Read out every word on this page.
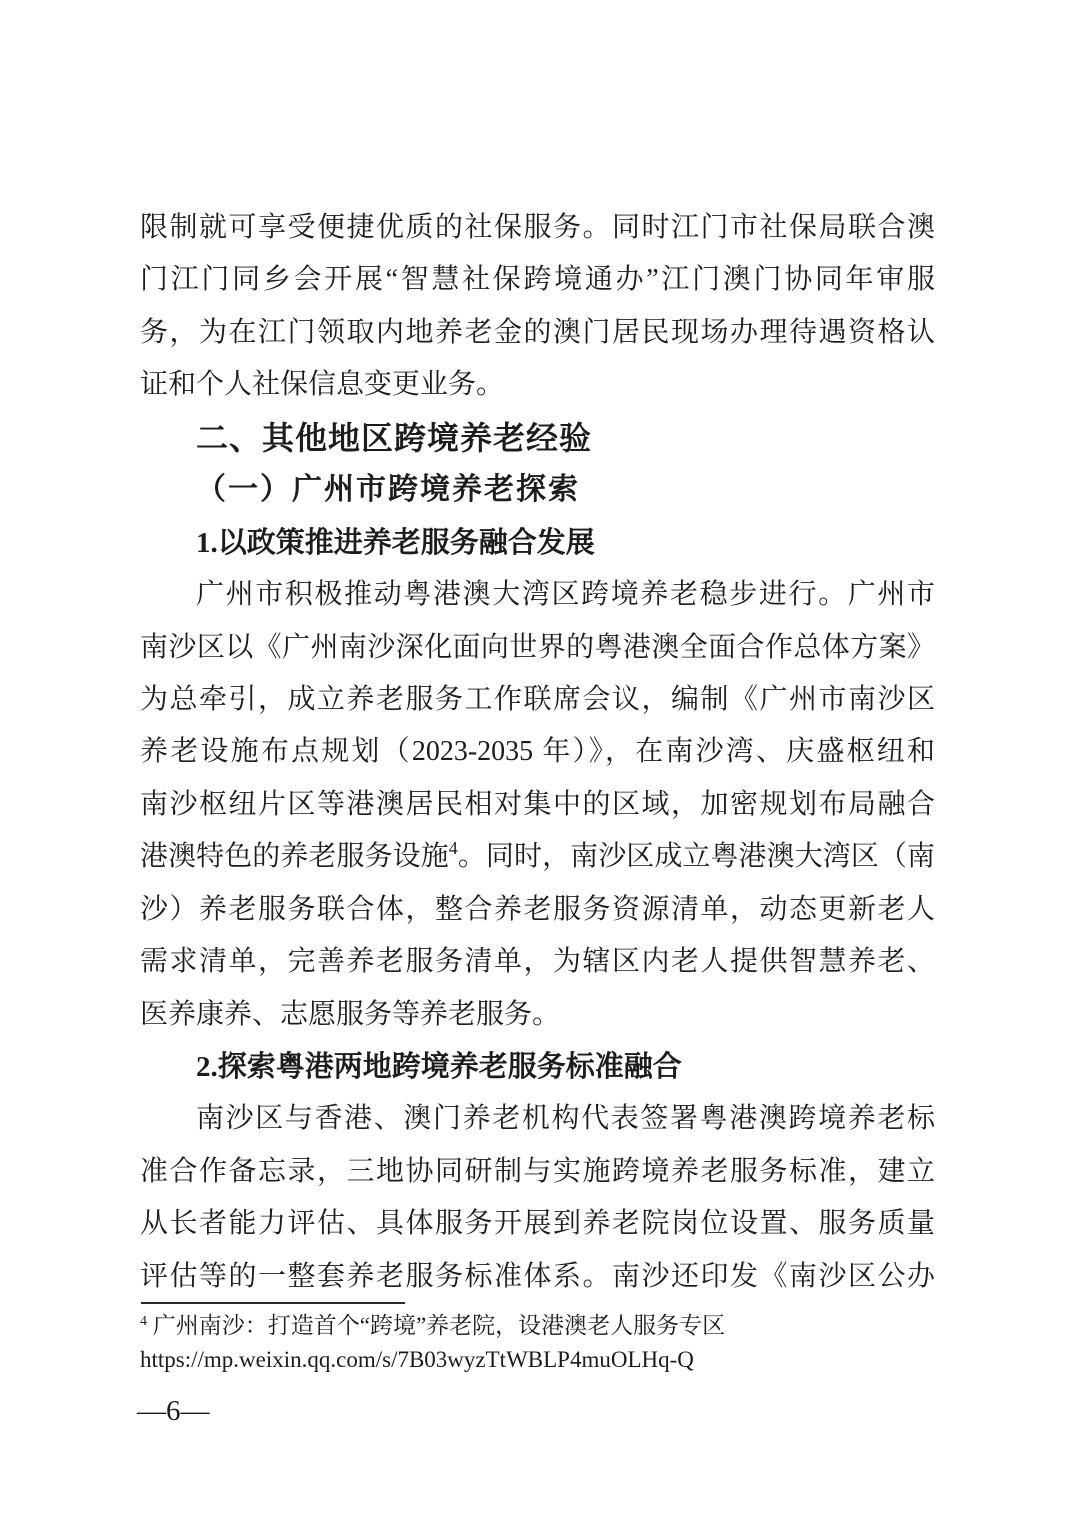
限制就可享受便捷优质的社保服务。同时江门市社保局联合澳
门江门同乡会开展“智慧社保跨境通办”江门澳门协同年审服
务，为在江门领取内地养老金的澳门居民现场办理待遇资格认
证和个人社保信息变更业务。
二、其他地区跨境养老经验
（一）广州市跨境养老探索
1.以政策推进养老服务融合发展
广州市积极推动粤港澳大湾区跨境养老稳步进行。广州市
南沙区以《广州南沙深化面向世界的粤港澳全面合作总体方案》
为总牵引，成立养老服务工作联席会议，编制《广州市南沙区
养老设施布点规划（2023-2035 年）》，在南沙湾、庆盛枢纽和
南沙枢纽片区等港澳居民相对集中的区域，加密规划布局融合
港澳特色的养老服务设施$^4$。同时，南沙区成立粤港澳大湾区（南
沙）养老服务联合体，整合养老服务资源清单，动态更新老人
需求清单，完善养老服务清单，为辖区内老人提供智慧养老、
医养康养、志愿服务等养老服务。
2.探索粤港两地跨境养老服务标准融合
南沙区与香港、澳门养老机构代表签署粤港澳跨境养老标
准合作备忘录，三地协同研制与实施跨境养老服务标准，建立
从长者能力评估、具体服务开展到养老院岗位设置、服务质量
评估等的一整套养老服务标准体系。南沙还印发《南沙区公办
$^4$ 广州南沙：打造首个“跨境”养老院，设港澳老人服务专区
https://mp.weixin.qq.com/s/7B03wyzTtWBLP4muOLHq-Q
—6—
